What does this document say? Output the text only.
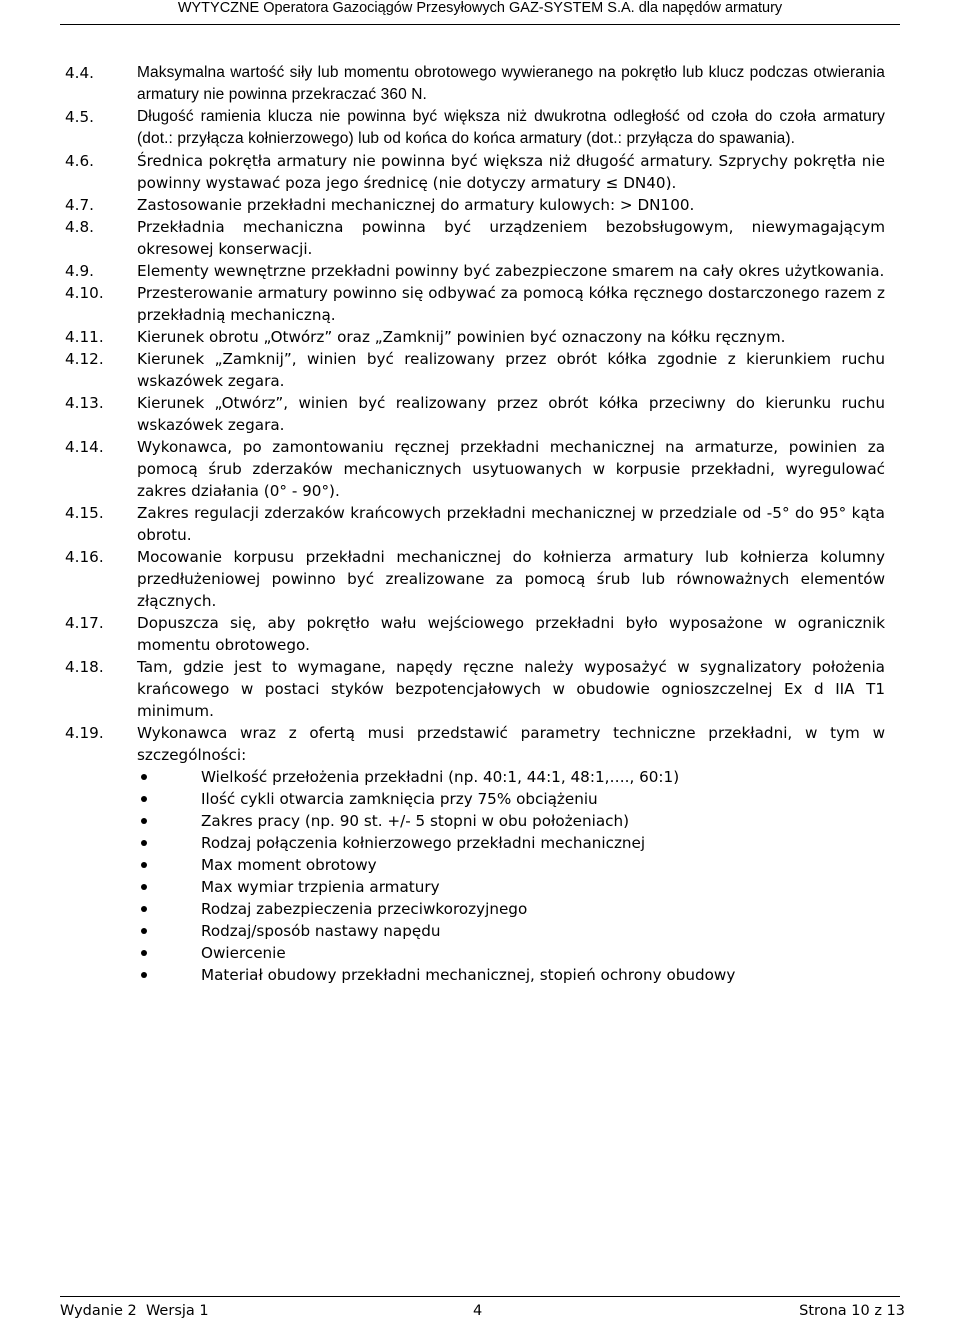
WYTYCZNE Operatora Gazociągów Przesyłowych GAZ-SYSTEM S.A. dla napędów armatury
4.4.	Maksymalna wartość siły lub momentu obrotowego wywieranego na pokrętło lub klucz podczas otwierania armatury nie powinna przekraczać 360 N.
4.5.	Długość ramienia klucza nie powinna być większa niż dwukrotna odległość od czoła do czoła armatury (dot.: przyłącza kołnierzowego) lub od końca do końca armatury (dot.: przyłącza do spawania).
4.6.	Średnica pokrętła armatury nie powinna być większa niż długość armatury. Szprychy pokrętła nie powinny wystawać poza jego średnicę (nie dotyczy armatury ≤ DN40).
4.7.	Zastosowanie przekładni mechanicznej do armatury kulowych: > DN100.
4.8.	Przekładnia mechaniczna powinna być urządzeniem bezobsługowym, niewymagającym okresowej konserwacji.
4.9.	Elementy wewnętrzne przekładni powinny być zabezpieczone smarem na cały okres użytkowania.
4.10.	Przesterowanie armatury powinno się odbywać za pomocą kółka ręcznego dostarczonego razem z przekładnią mechaniczną.
4.11.	Kierunek obrotu „Otwórz” oraz „Zamknij” powinien być oznaczony na kółku ręcznym.
4.12.	Kierunek „Zamknij”, winien być realizowany przez obrót kółka zgodnie z kierunkiem ruchu wskazówek zegara.
4.13.	Kierunek „Otwórz”, winien być realizowany przez obrót kółka przeciwny do kierunku ruchu wskazówek zegara.
4.14.	Wykonawca, po zamontowaniu ręcznej przekładni mechanicznej na armaturze, powinien za pomocą śrub zderzaków mechanicznych usytuowanych w korpusie przekładni, wyregulować zakres działania (0° - 90°).
4.15.	Zakres regulacji zderzaków krańcowych przekładni mechanicznej w przedziale od -5° do 95° kąta obrotu.
4.16.	Mocowanie korpusu przekładni mechanicznej do kołnierza armatury lub kołnierza kolumny przedłużeniowej powinno być zrealizowane za pomocą śrub lub równoważnych elementów złącznych.
4.17.	Dopuszcza się, aby pokrętło wału wejściowego przekładni było wyposażone w ogranicznik momentu obrotowego.
4.18.	Tam, gdzie jest to wymagane, napędy ręczne należy wyposażyć w sygnalizatory położenia krańcowego w postaci styków bezpotencjałowych w obudowie ognioszczelnej Ex d IIA T1 minimum.
4.19.	Wykonawca wraz z ofertą musi przedstawić parametry techniczne przekładni, w tym w szczególności:
Wielkość przełożenia przekładni (np. 40:1, 44:1, 48:1,…., 60:1)
Ilość cykli otwarcia zamknięcia przy 75% obciążeniu
Zakres pracy (np. 90 st. +/- 5 stopni w obu położeniach)
Rodzaj połączenia kołnierzowego przekładni mechanicznej
Max moment obrotowy
Max wymiar trzpienia armatury
Rodzaj zabezpieczenia przeciwkorozyjnego
Rodzaj/sposób nastawy napędu
Owiercenie
Materiał obudowy przekładni mechanicznej, stopień ochrony obudowy
Wydanie 2  Wersja 1	4	Strona 10 z 13
